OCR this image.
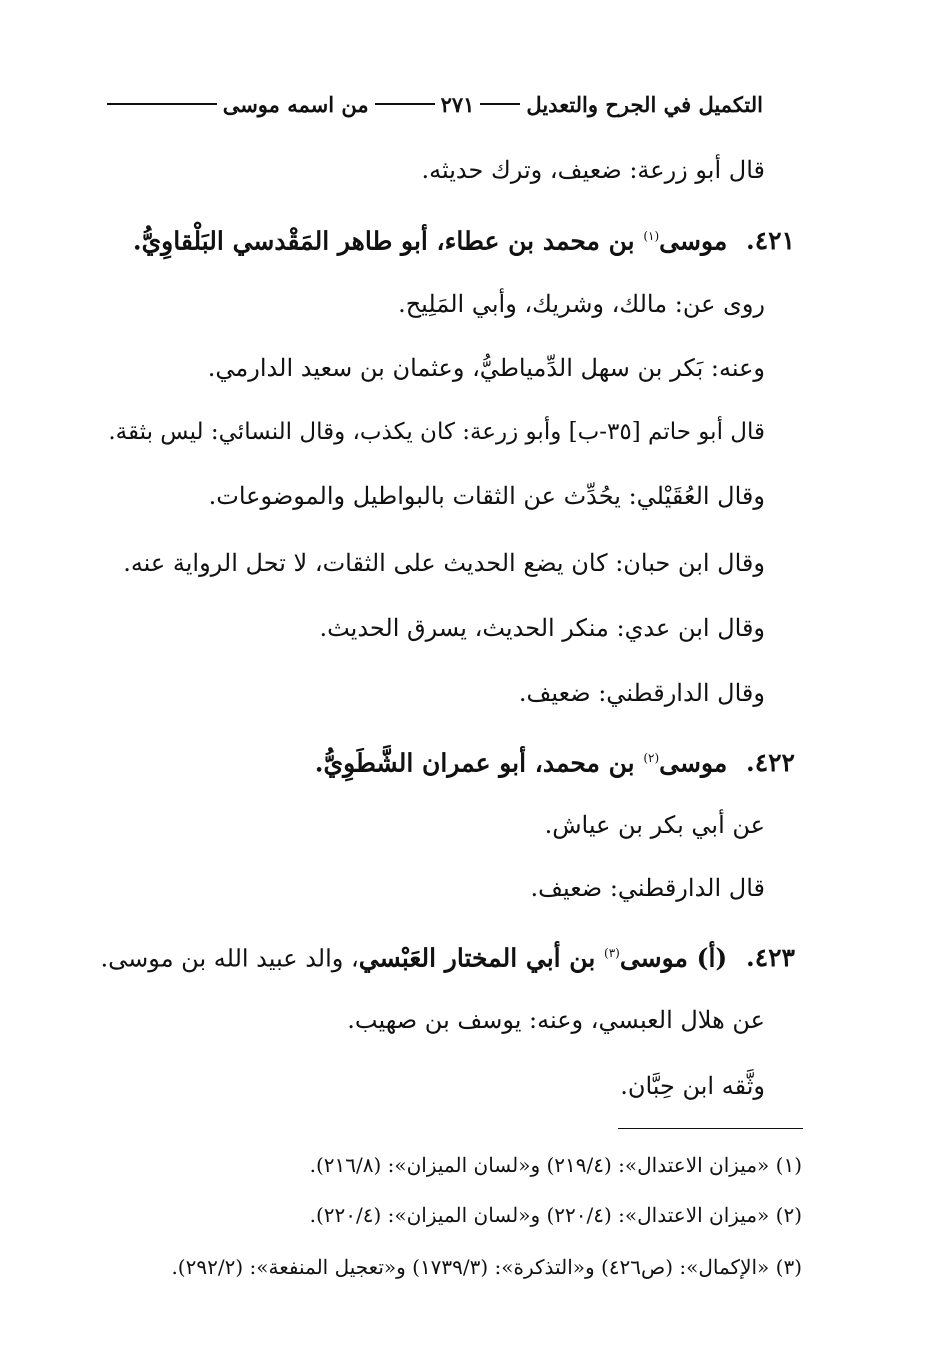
التكميل في الجرح والتعديل
٢٧١
من اسمه موسى
قال أبو زرعة: ضعيف، وترك حديثه.
٤٢١. موسى$^{(١)}$ بن محمد بن عطاء، أبو طاهر المَقْدسي البَلْقاوِيُّ.
روى عن: مالك، وشريك، وأبي المَلِيح.
وعنه: بَكر بن سهل الدِّمياطيُّ، وعثمان بن سعيد الدارمي.
قال أبو حاتم [٣٥-ب] وأبو زرعة: كان يكذب، وقال النسائي: ليس بثقة.
وقال العُقَيْلي: يحُدِّث عن الثقات بالبواطيل والموضوعات.
وقال ابن حبان: كان يضع الحديث على الثقات، لا تحل الرواية عنه.
وقال ابن عدي: منكر الحديث، يسرق الحديث.
وقال الدارقطني: ضعيف.
٤٢٢. موسى$^{(٢)}$ بن محمد، أبو عمران الشَّطَوِيُّ.
عن أبي بكر بن عياش.
قال الدارقطني: ضعيف.
٤٢٣. (أ) موسى$^{(٣)}$ بن أبي المختار العَبْسي، والد عبيد الله بن موسى.
عن هلال العبسي، وعنه: يوسف بن صهيب.
وثَّقه ابن حِبَّان.
(١) «ميزان الاعتدال»: (٢١٩/٤) و«لسان الميزان»: (٢١٦/٨).
(٢) «ميزان الاعتدال»: (٢٢٠/٤) و«لسان الميزان»: (٢٢٠/٤).
(٣) «الإكمال»: (ص٤٢٦) و«التذكرة»: (١٧٣٩/٣) و«تعجيل المنفعة»: (٢٩٢/٢).
